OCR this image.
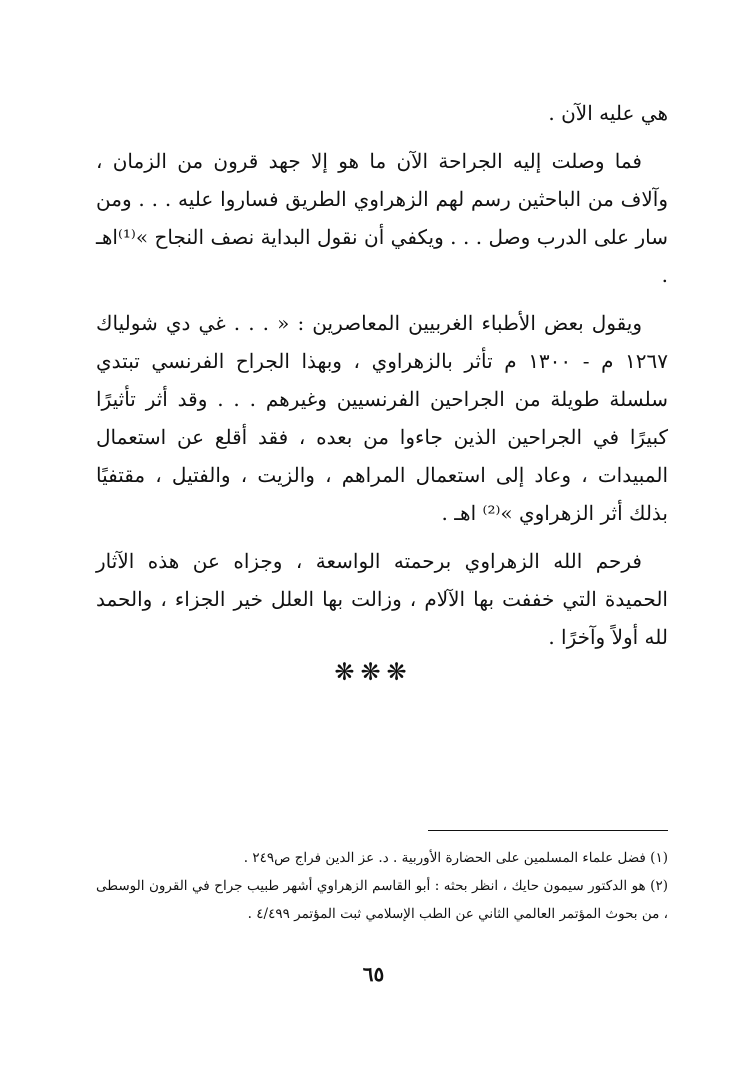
هي عليه الآن .

فما وصلت إليه الجراحة الآن ما هو إلا جهد قرون من الزمان ، وآلاف من الباحثين رسم لهم الزهراوي الطريق فساروا عليه . . . ومن سار على الدرب وصل . . . ويكفي أن نقول البداية نصف النجاح »⁽¹⁾اهـ .

ويقول بعض الأطباء الغربيين المعاصرين : « . . . غي دي شولياك ١٢٦٧ م - ١٣٠٠ م تأثر بالزهراوي ، وبهذا الجراح الفرنسي تبتدي سلسلة طويلة من الجراحين الفرنسيين وغيرهم . . . وقد أثر تأثيرًا كبيرًا في الجراحين الذين جاءوا من بعده ، فقد أقلع عن استعمال المبيدات ، وعاد إلى استعمال المراهم ، والزيت ، والفتيل ، مقتفيًا بذلك أثر الزهراوي »⁽²⁾ اهـ .

فرحم الله الزهراوي برحمته الواسعة ، وجزاه عن هذه الآثار الحميدة التي خففت بها الآلام ، وزالت بها العلل خير الجزاء ، والحمد لله أولاً وآخرًا .

❋❋❋

(١) فضل علماء المسلمين على الحضارة الأوربية . د. عز الدين فراج ص٢٤٩ .

(٢) هو الدكتور سيمون حايك ، انظر بحثه : أبو القاسم الزهراوي أشهر طبيب جراح في القرون الوسطى ، من بحوث المؤتمر العالمي الثاني عن الطب الإسلامي ثبت المؤتمر ٤/٤٩٩ .

٦٥
